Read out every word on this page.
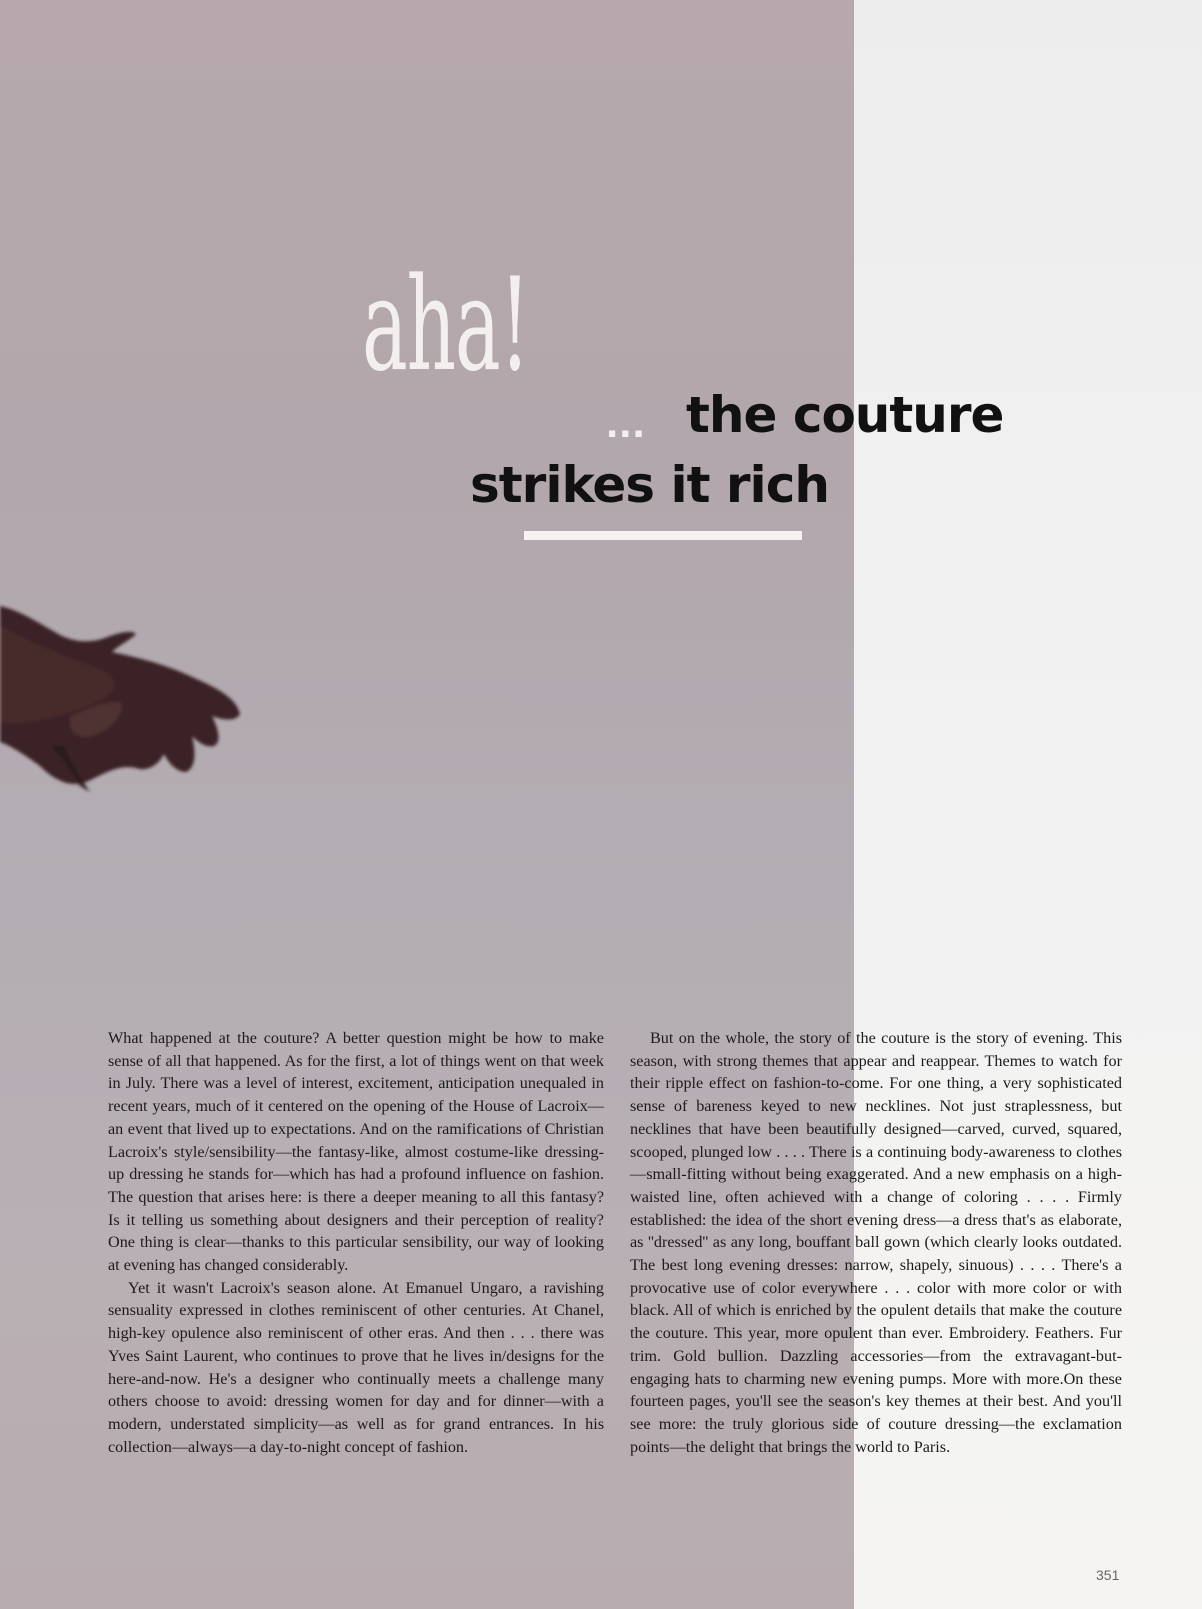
aha!
... the couture
strikes it rich

What happened at the couture? A better question might be how to make sense of all that happened. As for the first, a lot of things went on that week in July. There was a level of interest, excitement, anticipation unequaled in recent years, much of it centered on the opening of the House of Lacroix—an event that lived up to expectations. And on the ramifications of Christian Lacroix's style/sensibility—the fantasy-like, almost costume-like dressing-up dressing he stands for—which has had a profound influence on fashion. The question that arises here: is there a deeper meaning to all this fantasy? Is it telling us something about designers and their perception of reality? One thing is clear—thanks to this particular sensibility, our way of looking at evening has changed considerably.

Yet it wasn't Lacroix's season alone. At Emanuel Ungaro, a ravishing sensuality expressed in clothes reminiscent of other centuries. At Chanel, high-key opulence also reminiscent of other eras. And then . . . there was Yves Saint Laurent, who continues to prove that he lives in/designs for the here-and-now. He's a designer who continually meets a challenge many others choose to avoid: dressing women for day and for dinner—with a modern, understated simplicity—as well as for grand entrances. In his collection—always—a day-to-night concept of fashion.

But on the whole, the story of the couture is the story of evening. This season, with strong themes that appear and reappear. Themes to watch for their ripple effect on fashion-to-come. For one thing, a very sophisticated sense of bareness keyed to new necklines. Not just straplessness, but necklines that have been beautifully designed—carved, curved, squared, scooped, plunged low . . . . There is a continuing body-awareness to clothes—small-fitting without being exaggerated. And a new emphasis on a high-waisted line, often achieved with a change of coloring . . . . Firmly established: the idea of the short evening dress—a dress that's as elaborate, as ''dressed'' as any long, bouffant ball gown (which clearly looks outdated. The best long evening dresses: narrow, shapely, sinuous) . . . . There's a provocative use of color everywhere . . . color with more color or with black. All of which is enriched by the opulent details that make the couture the couture. This year, more opulent than ever. Embroidery. Feathers. Fur trim. Gold bullion. Dazzling accessories—from the extravagant-but-engaging hats to charming new evening pumps. More with more.On these fourteen pages, you'll see the season's key themes at their best. And you'll see more: the truly glorious side of couture dressing—the exclamation points—the delight that brings the world to Paris.

351
